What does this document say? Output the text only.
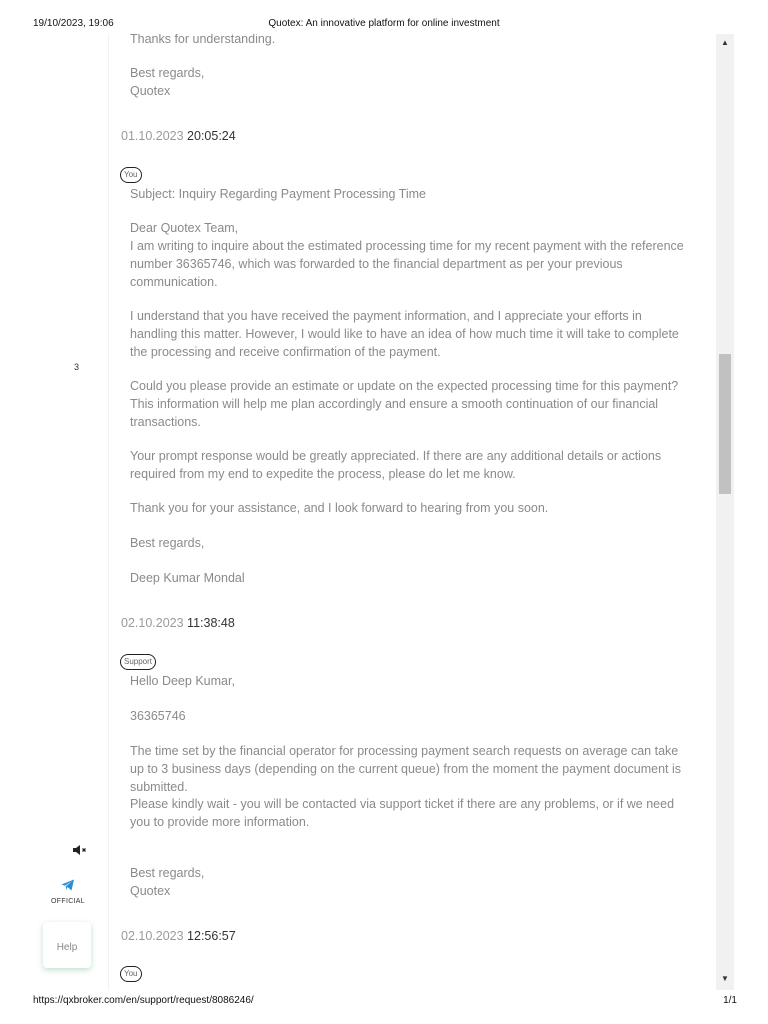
19/10/2023, 19:06	Quotex: An innovative platform for online investment
3
OFFICIAL
Help
Thanks for understanding.
Best regards,
Quotex
01.10.2023 20:05:24
You
Subject: Inquiry Regarding Payment Processing Time
Dear Quotex Team,
I am writing to inquire about the estimated processing time for my recent payment with the reference number 36365746, which was forwarded to the financial department as per your previous communication.
I understand that you have received the payment information, and I appreciate your efforts in handling this matter. However, I would like to have an idea of how much time it will take to complete the processing and receive confirmation of the payment.
Could you please provide an estimate or update on the expected processing time for this payment? This information will help me plan accordingly and ensure a smooth continuation of our financial transactions.
Your prompt response would be greatly appreciated. If there are any additional details or actions required from my end to expedite the process, please do let me know.
Thank you for your assistance, and I look forward to hearing from you soon.
Best regards,
Deep Kumar Mondal
02.10.2023 11:38:48
Support
Hello Deep Kumar,
36365746
The time set by the financial operator for processing payment search requests on average can take up to 3 business days (depending on the current queue) from the moment the payment document is submitted.
Please kindly wait - you will be contacted via support ticket if there are any problems, or if we need you to provide more information.
Best regards,
Quotex
02.10.2023 12:56:57
You
▲
▼
https://qxbroker.com/en/support/request/8086246/	1/1
